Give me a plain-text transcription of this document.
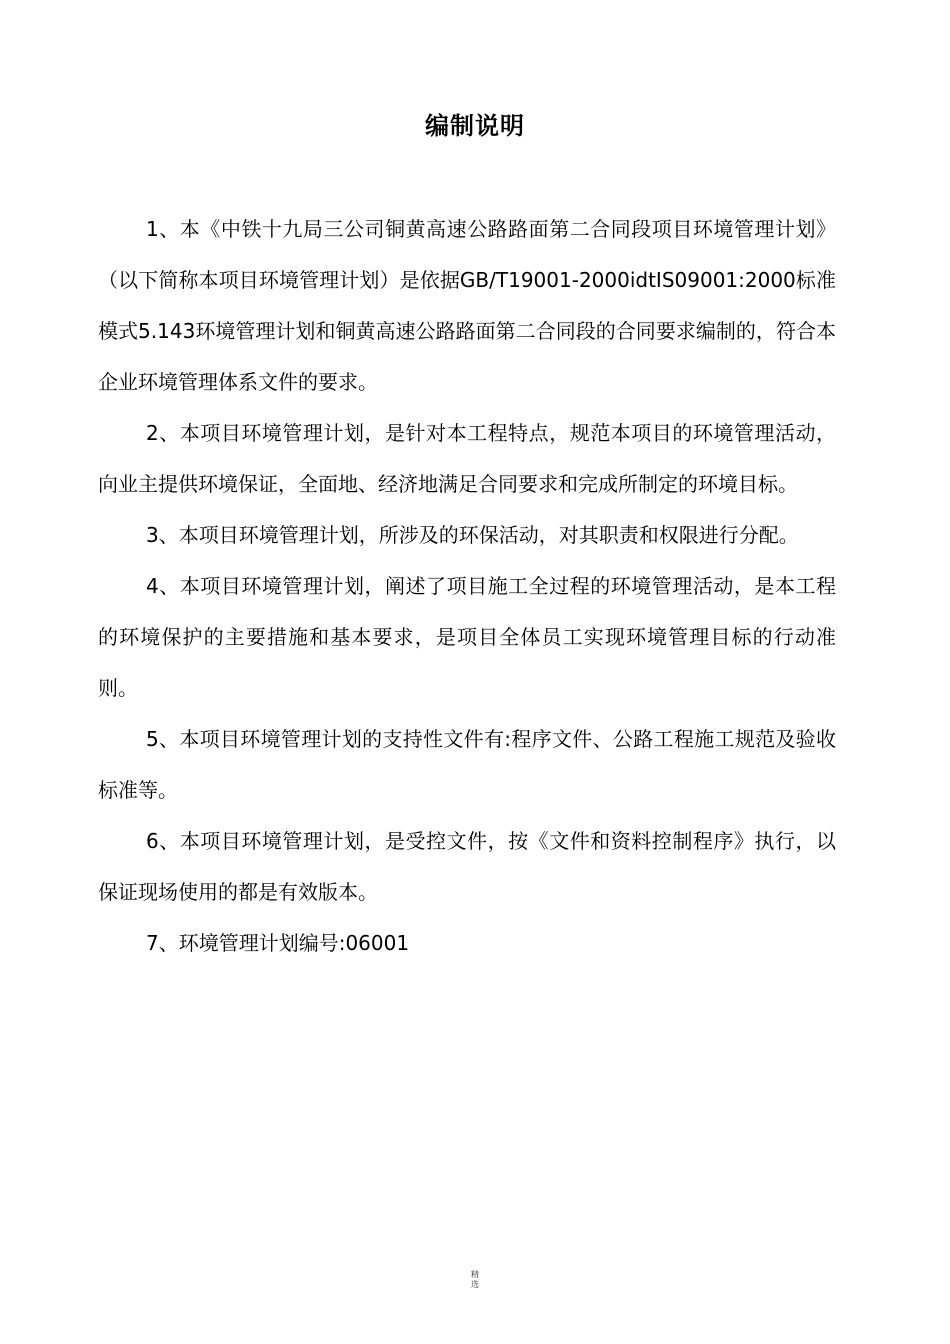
编制说明

1、本《中铁十九局三公司铜黄高速公路路面第二合同段项目环境管理计划》（以下简称本项目环境管理计划）是依据GB/T19001-2000idtIS09001:2000标准模式5.143环境管理计划和铜黄高速公路路面第二合同段的合同要求编制的，符合本企业环境管理体系文件的要求。

2、本项目环境管理计划，是针对本工程特点，规范本项目的环境管理活动，向业主提供环境保证，全面地、经济地满足合同要求和完成所制定的环境目标。

3、本项目环境管理计划，所涉及的环保活动，对其职责和权限进行分配。

4、本项目环境管理计划，阐述了项目施工全过程的环境管理活动，是本工程的环境保护的主要措施和基本要求，是项目全体员工实现环境管理目标的行动准则。

5、本项目环境管理计划的支持性文件有:程序文件、公路工程施工规范及验收标准等。

6、本项目环境管理计划，是受控文件，按《文件和资料控制程序》执行，以保证现场使用的都是有效版本。

7、环境管理计划编号:06001

精
选
